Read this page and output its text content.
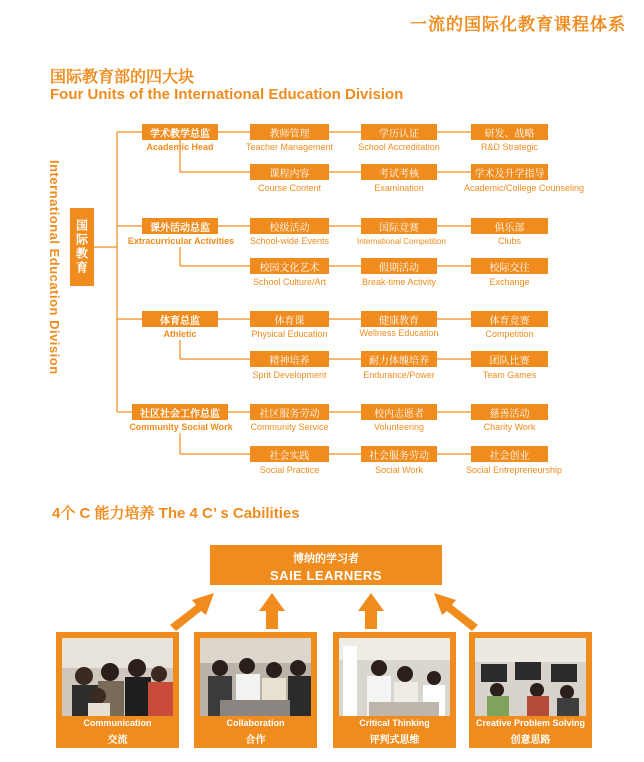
一流的国际化教育课程体系
国际教育部的四大块
Four Units of the International Education Division
International Education Division	国际教育
学术教学总监
Academic Head
教师管理
Teacher Management
学历认证
School Accreditation
研发、战略
R&D Strategic
课程内容
Course Content
考试考核
Examination
学术及升学指导
Academic/College Counseling
课外活动总监
Extracurricular Activities
校级活动
School-wide Events
国际竞赛
International Competition
俱乐部
Clubs
校园文化艺术
School Culture/Art
假期活动
Break-time Activity
校际交往
Exchange
体育总监
Athletic
体育课
Physical Education
健康教育
Wellness Education
体育竞赛
Competition
精神培养
Sprit Development
耐力体魄培养
Endurance/Power
团队比赛
Team Games
社区社会工作总监
Community Social Work
社区服务劳动
Community Service
校内志愿者
Volunteering
慈善活动
Charity Work
社会实践
Social Practice
社会服务劳动
Social Work
社会创业
Social Entrepreneurship
4个 C 能力培养 The 4 C’ s Cabilities
博纳的学习者
SAIE LEARNERS
Communication
交流
Collaboration
合作
Critical Thinking
评判式思维
Creative Problem Solving
创意思路
